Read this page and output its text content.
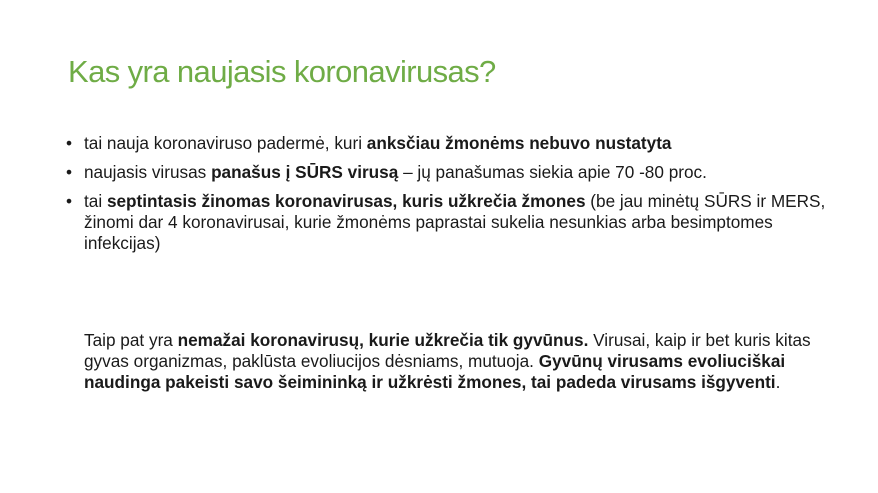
Kas yra naujasis koronavirusas?
• tai nauja koronaviruso padermė, kuri anksčiau žmonėms nebuvo nustatyta
• naujasis virusas panašus į SŪRS virusą – jų panašumas siekia apie 70 -80 proc.
• tai septintasis žinomas koronavirusas, kuris užkrečia žmones (be jau minėtų SŪRS ir MERS, žinomi dar 4 koronavirusai, kurie žmonėms paprastai sukelia nesunkias arba besimptomes infekcijas)

Taip pat yra nemažai koronavirusų, kurie užkrečia tik gyvūnus. Virusai, kaip ir bet kuris kitas gyvas organizmas, paklūsta evoliucijos dėsniams, mutuoja. Gyvūnų virusams evoliuciškai naudinga pakeisti savo šeimininką ir užkrėsti žmones, tai padeda virusams išgyventi.
